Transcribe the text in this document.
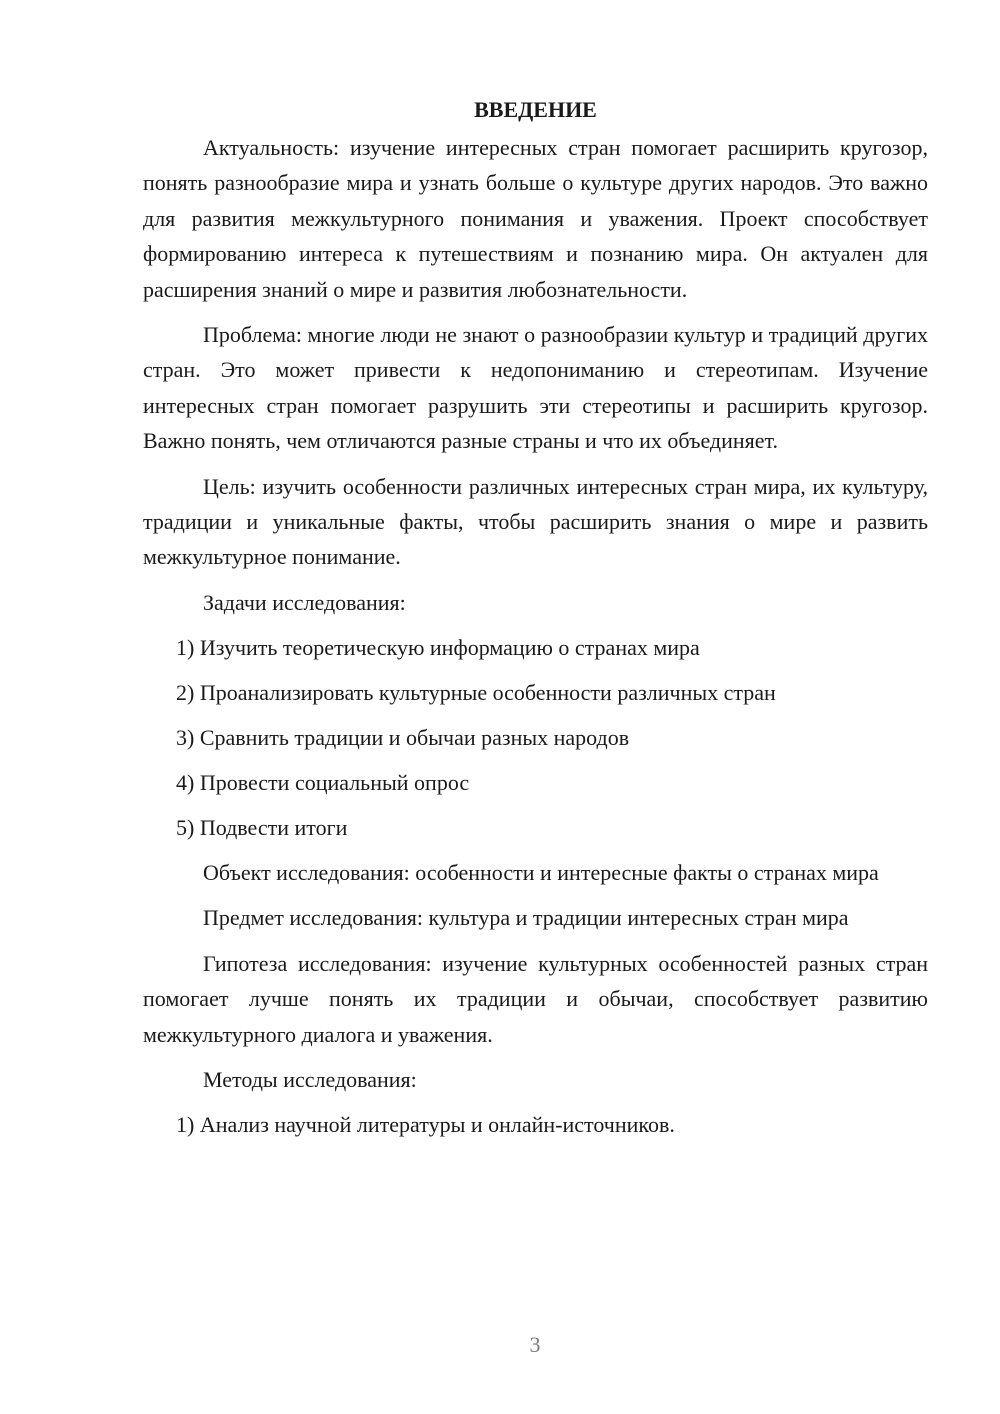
ВВЕДЕНИЕ

Актуальность: изучение интересных стран помогает расширить кругозор, понять разнообразие мира и узнать больше о культуре других народов. Это важно для развития межкультурного понимания и уважения. Проект способствует формированию интереса к путешествиям и познанию мира. Он актуален для расширения знаний о мире и развития любознательности.

Проблема: многие люди не знают о разнообразии культур и традиций других стран. Это может привести к недопониманию и стереотипам. Изучение интересных стран помогает разрушить эти стереотипы и расширить кругозор. Важно понять, чем отличаются разные страны и что их объединяет.

Цель: изучить особенности различных интересных стран мира, их культуру, традиции и уникальные факты, чтобы расширить знания о мире и развить межкультурное понимание.

Задачи исследования:
1) Изучить теоретическую информацию о странах мира
2) Проанализировать культурные особенности различных стран
3) Сравнить традиции и обычаи разных народов
4) Провести социальный опрос
5) Подвести итоги

Объект исследования: особенности и интересные факты о странах мира

Предмет исследования: культура и традиции интересных стран мира

Гипотеза исследования: изучение культурных особенностей разных стран помогает лучше понять их традиции и обычаи, способствует развитию межкультурного диалога и уважения.

Методы исследования:
1) Анализ научной литературы и онлайн-источников.
3
